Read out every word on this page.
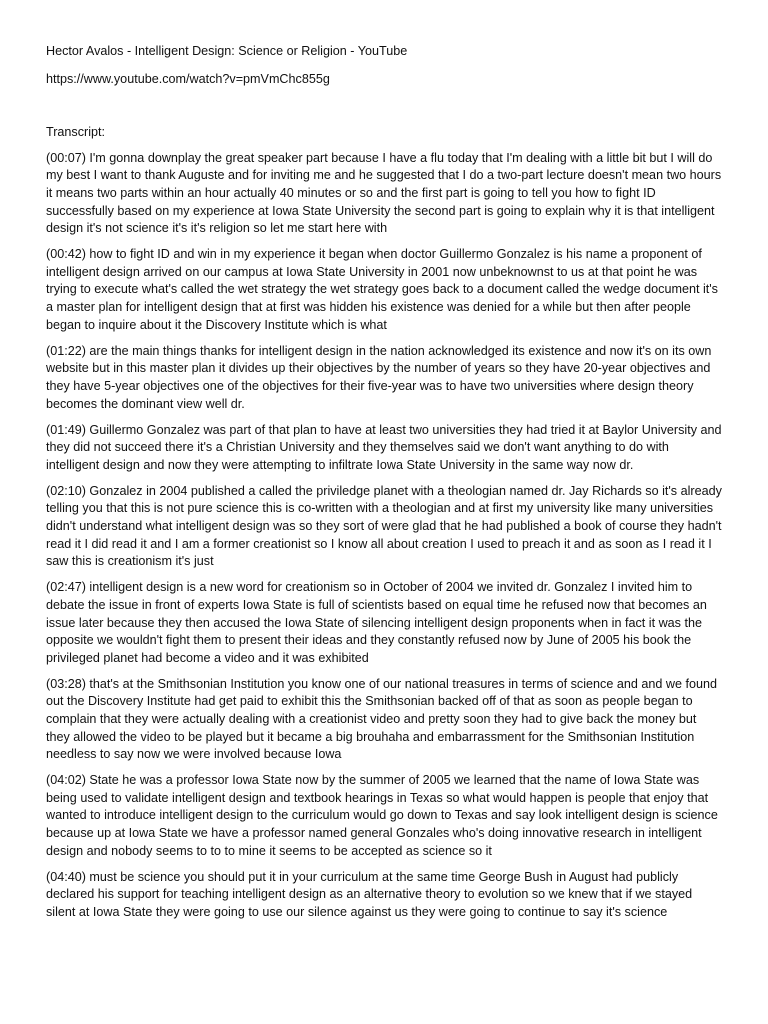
Hector Avalos - Intelligent Design: Science or Religion - YouTube

https://www.youtube.com/watch?v=pmVmChc855g

Transcript:

(00:07) I'm gonna downplay the great speaker part because I have a flu today that I'm dealing with a little bit but I will do my best I want to thank Auguste and for inviting me and he suggested that I do a two-part lecture doesn't mean two hours it means two parts within an hour actually 40 minutes or so and the first part is going to tell you how to fight ID successfully based on my experience at Iowa State University the second part is going to explain why it is that intelligent design it's not science it's it's religion so let me start here with

(00:42) how to fight ID and win in my experience it began when doctor Guillermo Gonzalez is his name a proponent of intelligent design arrived on our campus at Iowa State University in 2001 now unbeknownst to us at that point he was trying to execute what's called the wet strategy the wet strategy goes back to a document called the wedge document it's a master plan for intelligent design that at first was hidden his existence was denied for a while but then after people began to inquire about it the Discovery Institute which is what

(01:22) are the main things thanks for intelligent design in the nation acknowledged its existence and now it's on its own website but in this master plan it divides up their objectives by the number of years so they have 20-year objectives and they have 5-year objectives one of the objectives for their five-year was to have two universities where design theory becomes the dominant view well dr.

(01:49) Guillermo Gonzalez was part of that plan to have at least two universities they had tried it at Baylor University and they did not succeed there it's a Christian University and they themselves said we don't want anything to do with intelligent design and now they were attempting to infiltrate Iowa State University in the same way now dr.

(02:10) Gonzalez in 2004 published a called the priviledge planet with a theologian named dr. Jay Richards so it's already telling you that this is not pure science this is co-written with a theologian and at first my university like many universities didn't understand what intelligent design was so they sort of were glad that he had published a book of course they hadn't read it I did read it and I am a former creationist so I know all about creation I used to preach it and as soon as I read it I saw this is creationism it's just

(02:47) intelligent design is a new word for creationism so in October of 2004 we invited dr. Gonzalez I invited him to debate the issue in front of experts Iowa State is full of scientists based on equal time he refused now that becomes an issue later because they then accused the Iowa State of silencing intelligent design proponents when in fact it was the opposite we wouldn't fight them to present their ideas and they constantly refused now by June of 2005 his book the privileged planet had become a video and it was exhibited

(03:28) that's at the Smithsonian Institution you know one of our national treasures in terms of science and and we found out the Discovery Institute had get paid to exhibit this the Smithsonian backed off of that as soon as people began to complain that they were actually dealing with a creationist video and pretty soon they had to give back the money but they allowed the video to be played but it became a big brouhaha and embarrassment for the Smithsonian Institution needless to say now we were involved because Iowa

(04:02) State he was a professor Iowa State now by the summer of 2005 we learned that the name of Iowa State was being used to validate intelligent design and textbook hearings in Texas so what would happen is people that enjoy that wanted to introduce intelligent design to the curriculum would go down to Texas and say look intelligent design is science because up at Iowa State we have a professor named general Gonzales who's doing innovative research in intelligent design and nobody seems to to to mine it seems to be accepted as science so it

(04:40) must be science you should put it in your curriculum at the same time George Bush in August had publicly declared his support for teaching intelligent design as an alternative theory to evolution so we knew that if we stayed silent at Iowa State they were going to use our silence against us they were going to continue to say it's science
